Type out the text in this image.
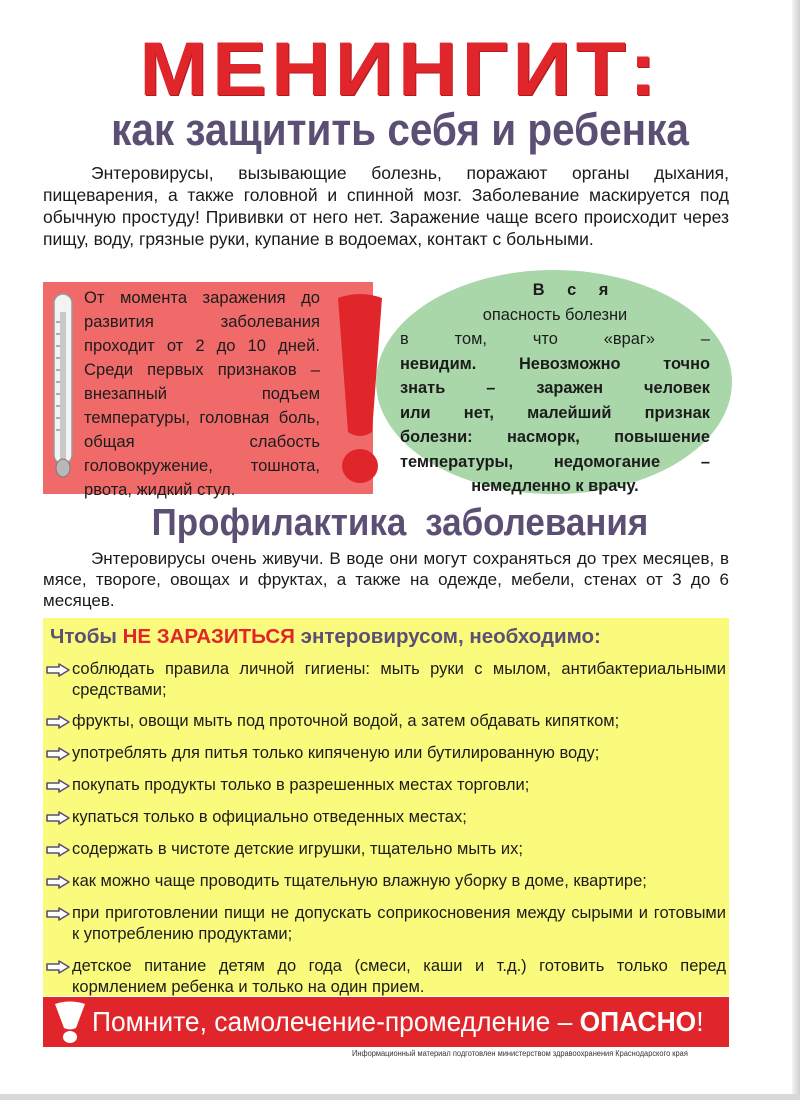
МЕНИНГИТ:
как защитить себя и ребенка

Энтеровирусы, вызывающие болезнь, поражают органы дыхания, пищеварения, а также головной и спинной мозг. Заболевание маскируется под обычную простуду! Прививки от него нет. Заражение чаще всего происходит через пищу, воду, грязные руки, купание в водоемах, контакт с больными.

От момента заражения до развития заболевания проходит от 2 до 10 дней. Среди первых признаков – внезапный подъем температуры, головная боль, общая слабость головокружение, тошнота, рвота, жидкий стул.

В с я
опасность болезни
в том, что «враг» –
невидим. Невозможно точно
знать – заражен человек
или нет, малейший признак
болезни: насморк, повышение
температуры, недомогание –
немедленно к врачу.
Профилактика заболевания

Энтеровирусы очень живучи. В воде они могут сохраняться до трех месяцев, в мясе, твороге, овощах и фруктах, а также на одежде, мебели, стенах от 3 до 6 месяцев.

Чтобы НЕ ЗАРАЗИТЬСЯ энтеровирусом, необходимо:
соблюдать правила личной гигиены: мыть руки с мылом, антибактериальными средствами;
фрукты, овощи мыть под проточной водой, а затем обдавать кипятком;
употреблять для питья только кипяченую или бутилированную воду;
покупать продукты только в разрешенных местах торговли;
купаться только в официально отведенных местах;
содержать в чистоте детские игрушки, тщательно мыть их;
как можно чаще проводить тщательную влажную уборку в доме, квартире;
при приготовлении пищи не допускать соприкосновения между сырыми и готовыми к употреблению продуктами;
детское питание детям до года (смеси, каши и т.д.) готовить только перед кормлением ребенка и только на один прием.
Помните, самолечение-промедление – ОПАСНО!
Информационный материал подготовлен министерством здравоохранения Краснодарского края
